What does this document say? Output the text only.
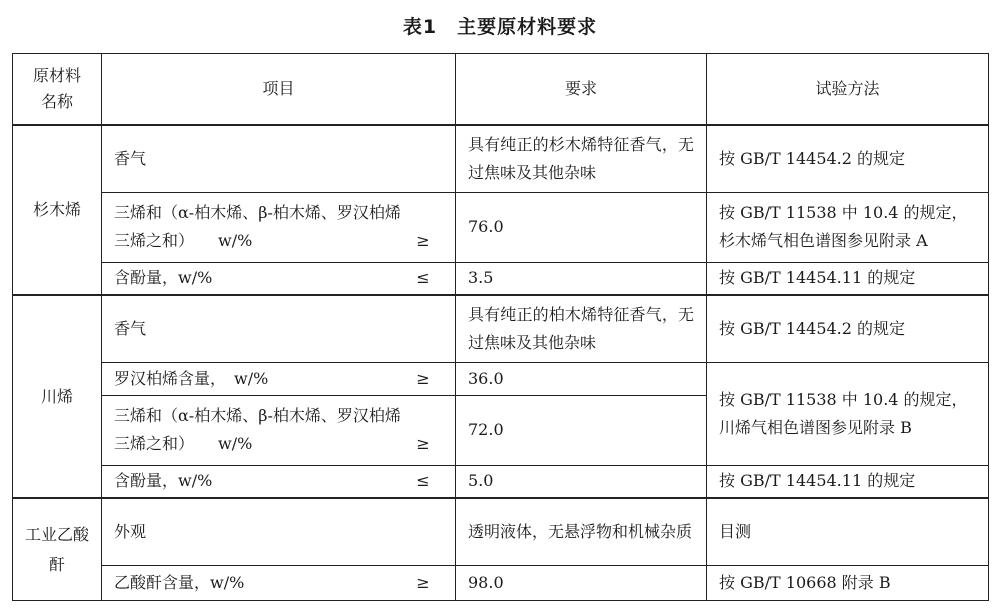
表1　主要原材料要求
原材料
名称	项目	要求	试验方法
杉木烯	香气	具有纯正的杉木烯特征香气，无过焦味及其他杂味	按 GB/T 14454.2 的规定

	三烯和（α-柏木烯、β-柏木烯、罗汉柏烯三烯之和）　　w/% ≥	76.0	按 GB/T 11538 中 10.4 的规定，杉木烯气相色谱图参见附录 A

	含酚量，w/% ≤	3.5	按 GB/T 14454.11 的规定
川烯	香气	具有纯正的柏木烯特征香气，无过焦味及其他杂味	按 GB/T 14454.2 的规定

	罗汉柏烯含量，　w/% ≥	36.0	按 GB/T 11538 中 10.4 的规定，川烯气相色谱图参见附录 B

	三烯和（α-柏木烯、β-柏木烯、罗汉柏烯三烯之和）　　w/% ≥	72.0	

	含酚量，w/% ≤	5.0	按 GB/T 14454.11 的规定
工业乙酸酐	外观	透明液体，无悬浮物和机械杂质	目测

	乙酸酐含量，w/% ≥	98.0	按 GB/T 10668 附录 B
